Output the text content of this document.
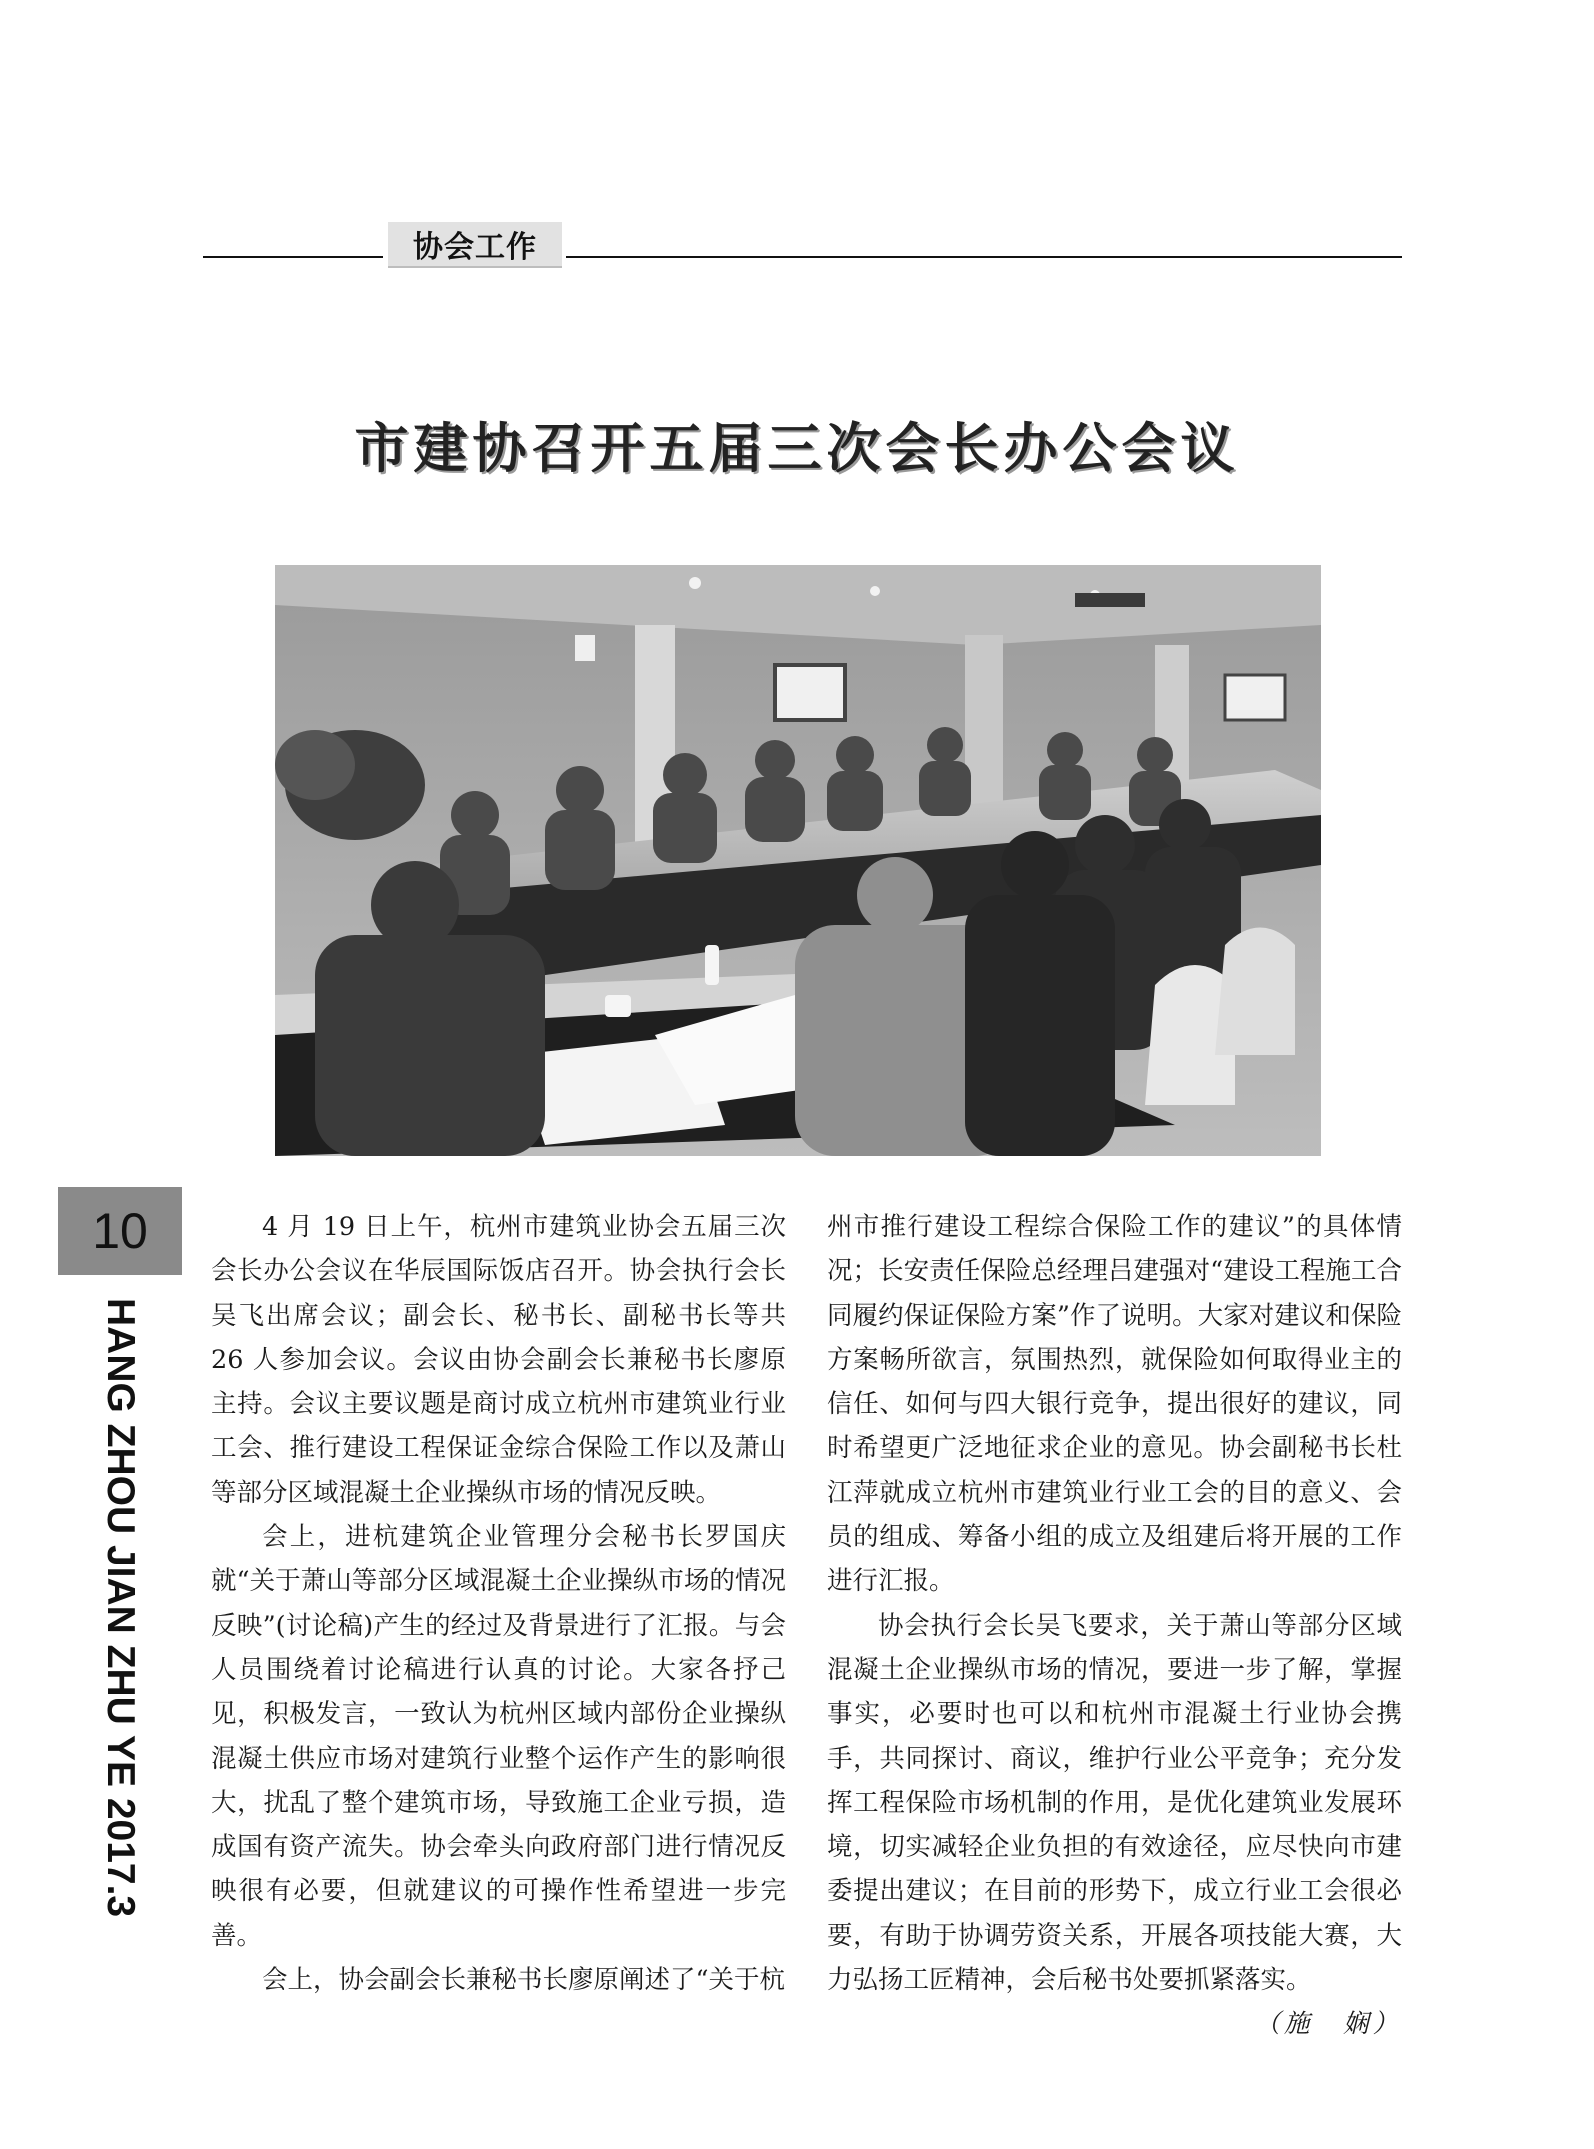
协会工作
市建协召开五届三次会长办公会议
10
HANG ZHOU JIAN ZHU YE 2017.3

4 月 19 日上午，杭州市建筑业协会五届三次会长办公会议在华辰国际饭店召开。协会执行会长吴飞出席会议；副会长、秘书长、副秘书长等共 26 人参加会议。会议由协会副会长兼秘书长廖原主持。会议主要议题是商讨成立杭州市建筑业行业工会、推行建设工程保证金综合保险工作以及萧山等部分区域混凝土企业操纵市场的情况反映。

会上，进杭建筑企业管理分会秘书长罗国庆就“关于萧山等部分区域混凝土企业操纵市场的情况反映”(讨论稿)产生的经过及背景进行了汇报。与会人员围绕着讨论稿进行认真的讨论。大家各抒己见，积极发言，一致认为杭州区域内部份企业操纵混凝土供应市场对建筑行业整个运作产生的影响很大，扰乱了整个建筑市场，导致施工企业亏损，造成国有资产流失。协会牵头向政府部门进行情况反映很有必要，但就建议的可操作性希望进一步完善。

会上，协会副会长兼秘书长廖原阐述了“关于杭

州市推行建设工程综合保险工作的建议”的具体情况；长安责任保险总经理吕建强对“建设工程施工合同履约保证保险方案”作了说明。大家对建议和保险方案畅所欲言，氛围热烈，就保险如何取得业主的信任、如何与四大银行竞争，提出很好的建议，同时希望更广泛地征求企业的意见。协会副秘书长杜江萍就成立杭州市建筑业行业工会的目的意义、会员的组成、筹备小组的成立及组建后将开展的工作进行汇报。

协会执行会长吴飞要求，关于萧山等部分区域混凝土企业操纵市场的情况，要进一步了解，掌握事实，必要时也可以和杭州市混凝土行业协会携手，共同探讨、商议，维护行业公平竞争；充分发挥工程保险市场机制的作用，是优化建筑业发展环境，切实减轻企业负担的有效途径，应尽快向市建委提出建议；在目前的形势下，成立行业工会很必要，有助于协调劳资关系，开展各项技能大赛，大力弘扬工匠精神，会后秘书处要抓紧落实。
（施　娴）
